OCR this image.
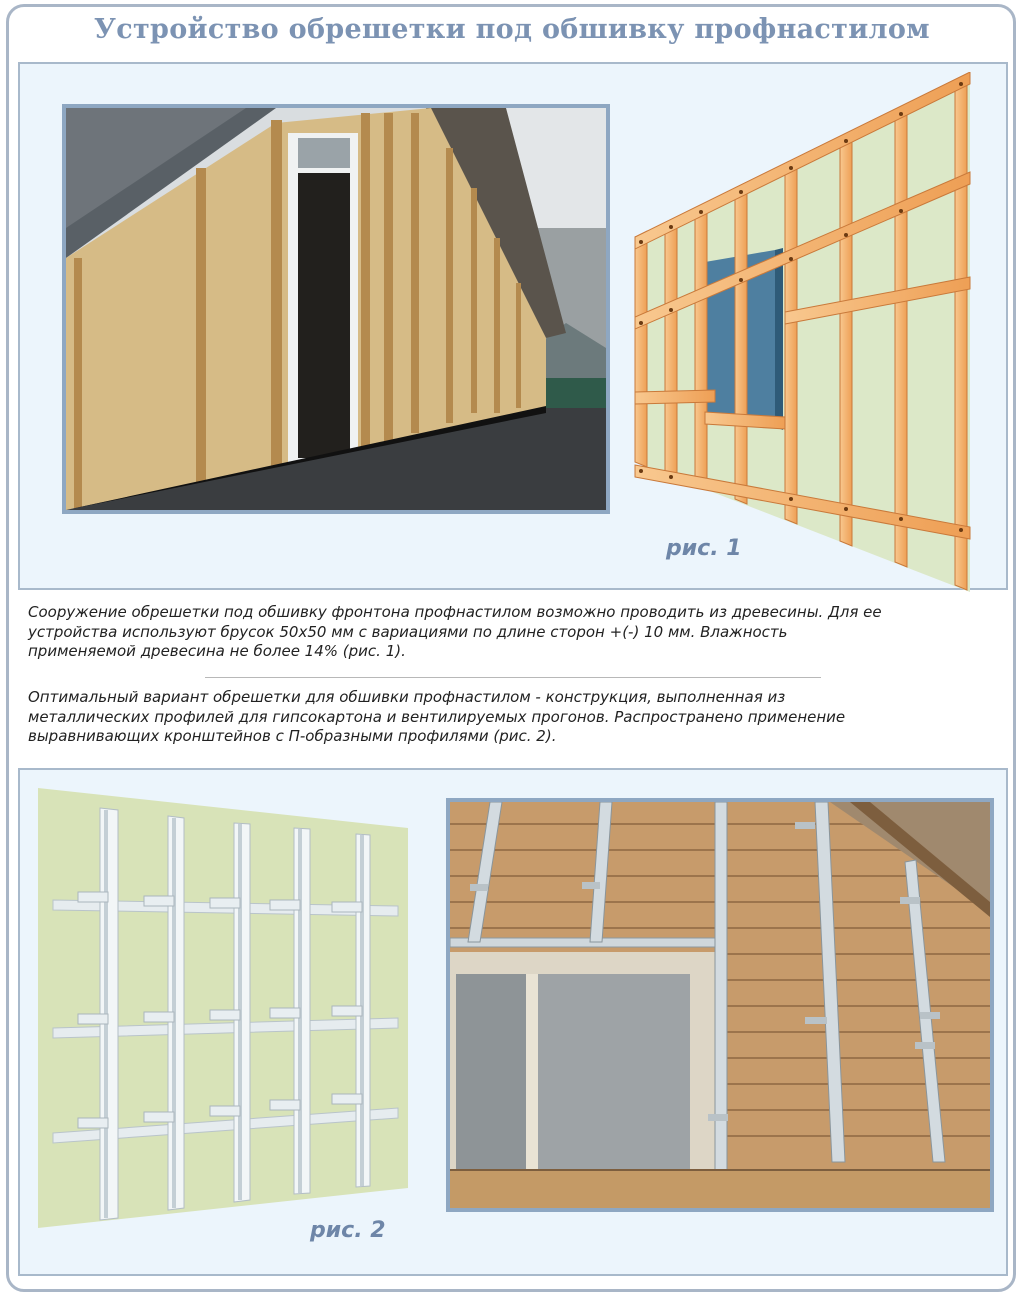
Устройство обрешетки под обшивку профнастилом
рис. 1
Сооружение обрешетки под обшивку фронтона профнастилом возможно проводить из древесины. Для ее
устройства используют брусок 50х50 мм с вариациями по длине сторон +(-) 10 мм. Влажность
применяемой древесина не более 14% (рис. 1).
Оптимальный вариант обрешетки для обшивки профнастилом - конструкция, выполненная из
металлических профилей для гипсокартона и вентилируемых прогонов. Распространено применение
выравнивающих кронштейнов с П-образными профилями (рис. 2).
рис. 2
